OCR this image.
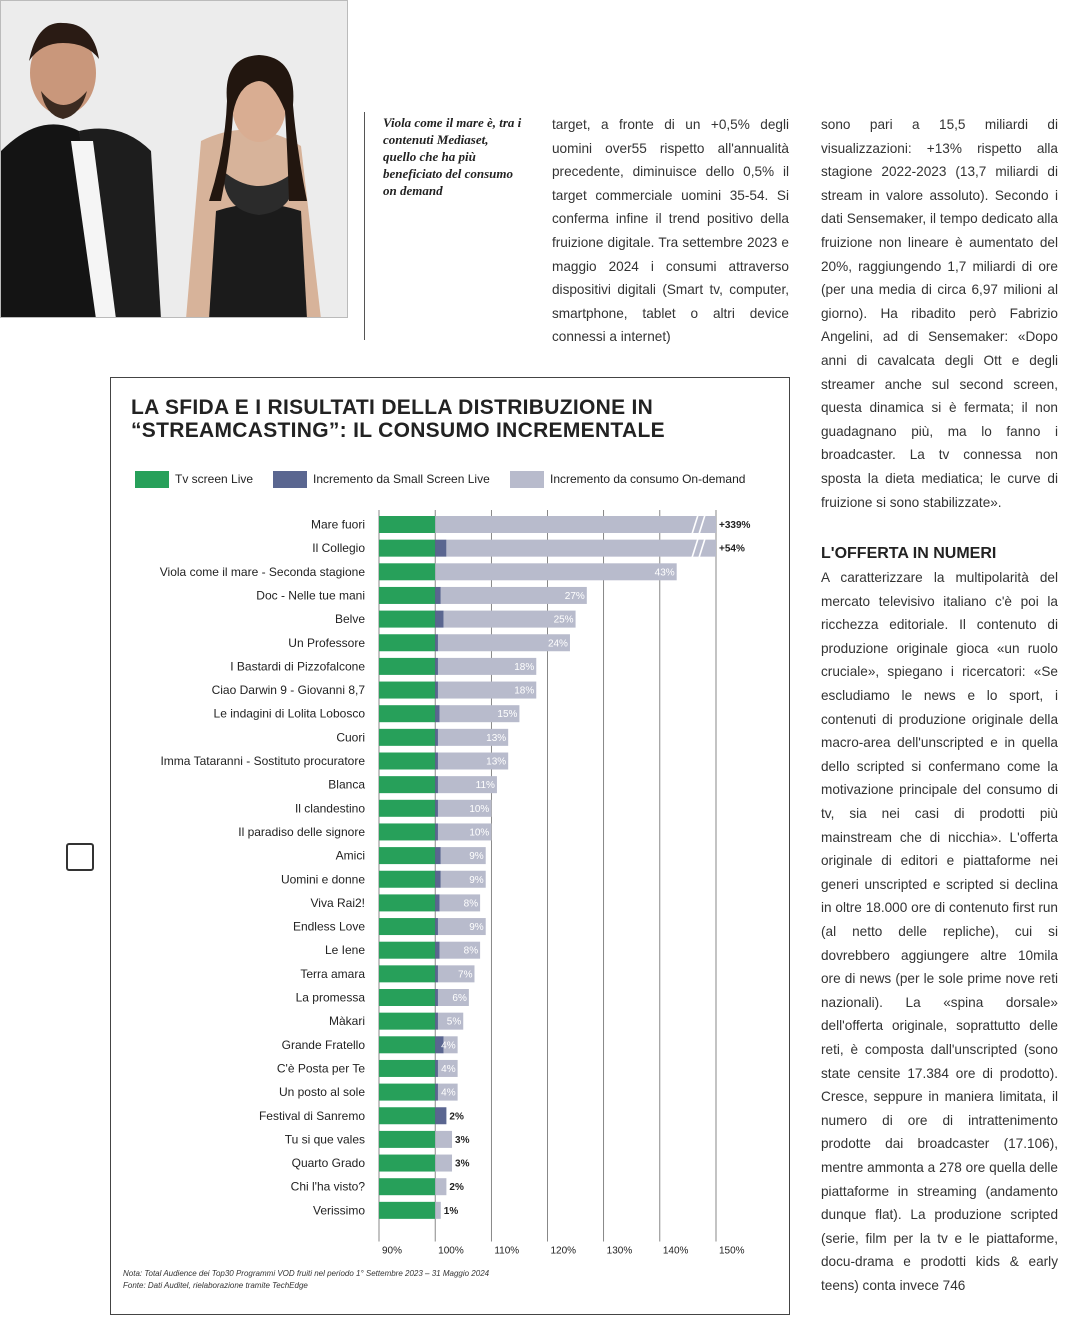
Viola come il mare è, tra i contenuti Mediaset, quello che ha più beneficiato del consumo on demand

target, a fronte di un +0,5% degli uomini over55 rispetto all'annualità precedente, diminuisce dello 0,5% il target commerciale uomini 35-54. Si conferma infine il trend positivo della fruizione digitale. Tra settembre 2023 e maggio 2024 i consumi attraverso dispositivi digitali (Smart tv, computer, smartphone, tablet o altri device connessi a internet)

sono pari a 15,5 miliardi di visualizzazioni: +13% rispetto alla stagione 2022-2023 (13,7 miliardi di stream in valore assoluto). Secondo i dati Sensemaker, il tempo dedicato alla fruizione non lineare è aumentato del 20%, raggiungendo 1,7 miliardi di ore (per una media di circa 6,97 milioni al giorno). Ha ribadito però Fabrizio Angelini, ad di Sensemaker: «Dopo anni di cavalcata degli Ott e degli streamer anche sul second screen, questa dinamica si è fermata; il non guadagnano più, ma lo fanno i broadcaster. La tv connessa non sposta la dieta mediatica; le curve di fruizione si sono stabilizzate».

L'OFFERTA IN NUMERI

A caratterizzare la multipolarità del mercato televisivo italiano c'è poi la ricchezza editoriale. Il contenuto di produzione originale gioca «un ruolo cruciale», spiegano i ricercatori: «Se escludiamo le news e lo sport, i contenuti di produzione originale della macro-area dell'unscripted e in quella dello scripted si confermano come la motivazione principale del consumo di tv, sia nei casi di prodotti più mainstream che di nicchia». L'offerta originale di editori e piattaforme nei generi unscripted e scripted si declina in oltre 18.000 ore di contenuto first run (al netto delle repliche), cui si dovrebbero aggiungere altre 10mila ore di news (per le sole prime nove reti nazionali). La «spina dorsale» dell'offerta originale, soprattutto delle reti, è composta dall'unscripted (sono state censite 17.384 ore di prodotto). Cresce, seppure in maniera limitata, il numero di ore di intrattenimento prodotte dai broadcaster (17.106), mentre ammonta a 278 ore quella delle piattaforme in streaming (andamento dunque flat). La produzione scripted (serie, film per la tv e le piattaforme, docu-drama e prodotti kids & early teens) conta invece 746

LA SFIDA E I RISULTATI DELLA DISTRIBUZIONE IN “STREAMCASTING”: IL CONSUMO INCREMENTALE
Tv screen Live	Incremento da Small Screen Live	Incremento da consumo On-demand
90%	100%	110%	120%	130%	140%	150%
Mare fuori	+339%
Il Collegio	+54%
Viola come il mare - Seconda stagione	43%
Doc - Nelle tue mani	27%
Belve	25%
Un Professore	24%
I Bastardi di Pizzofalcone	18%
Ciao Darwin 9 - Giovanni 8,7	18%
Le indagini di Lolita Lobosco	15%
Cuori	13%
Imma Tataranni - Sostituto procuratore	13%
Blanca	11%
Il clandestino	10%
Il paradiso delle signore	10%
Amici	9%
Uomini e donne	9%
Viva Rai2!	8%
Endless Love	9%
Le Iene	8%
Terra amara	7%
La promessa	6%
Màkari	5%
Grande Fratello	4%
C'è Posta per Te	4%
Un posto al sole	4%
Festival di Sanremo	2%
Tu si que vales	3%
Quarto Grado	3%
Chi l'ha visto?	2%
Verissimo	1%
Nota: Total Audience dei Top30 Programmi VOD fruiti nel periodo 1° Settembre 2023 – 31 Maggio 2024
Fonte: Dati Auditel, rielaborazione tramite TechEdge
